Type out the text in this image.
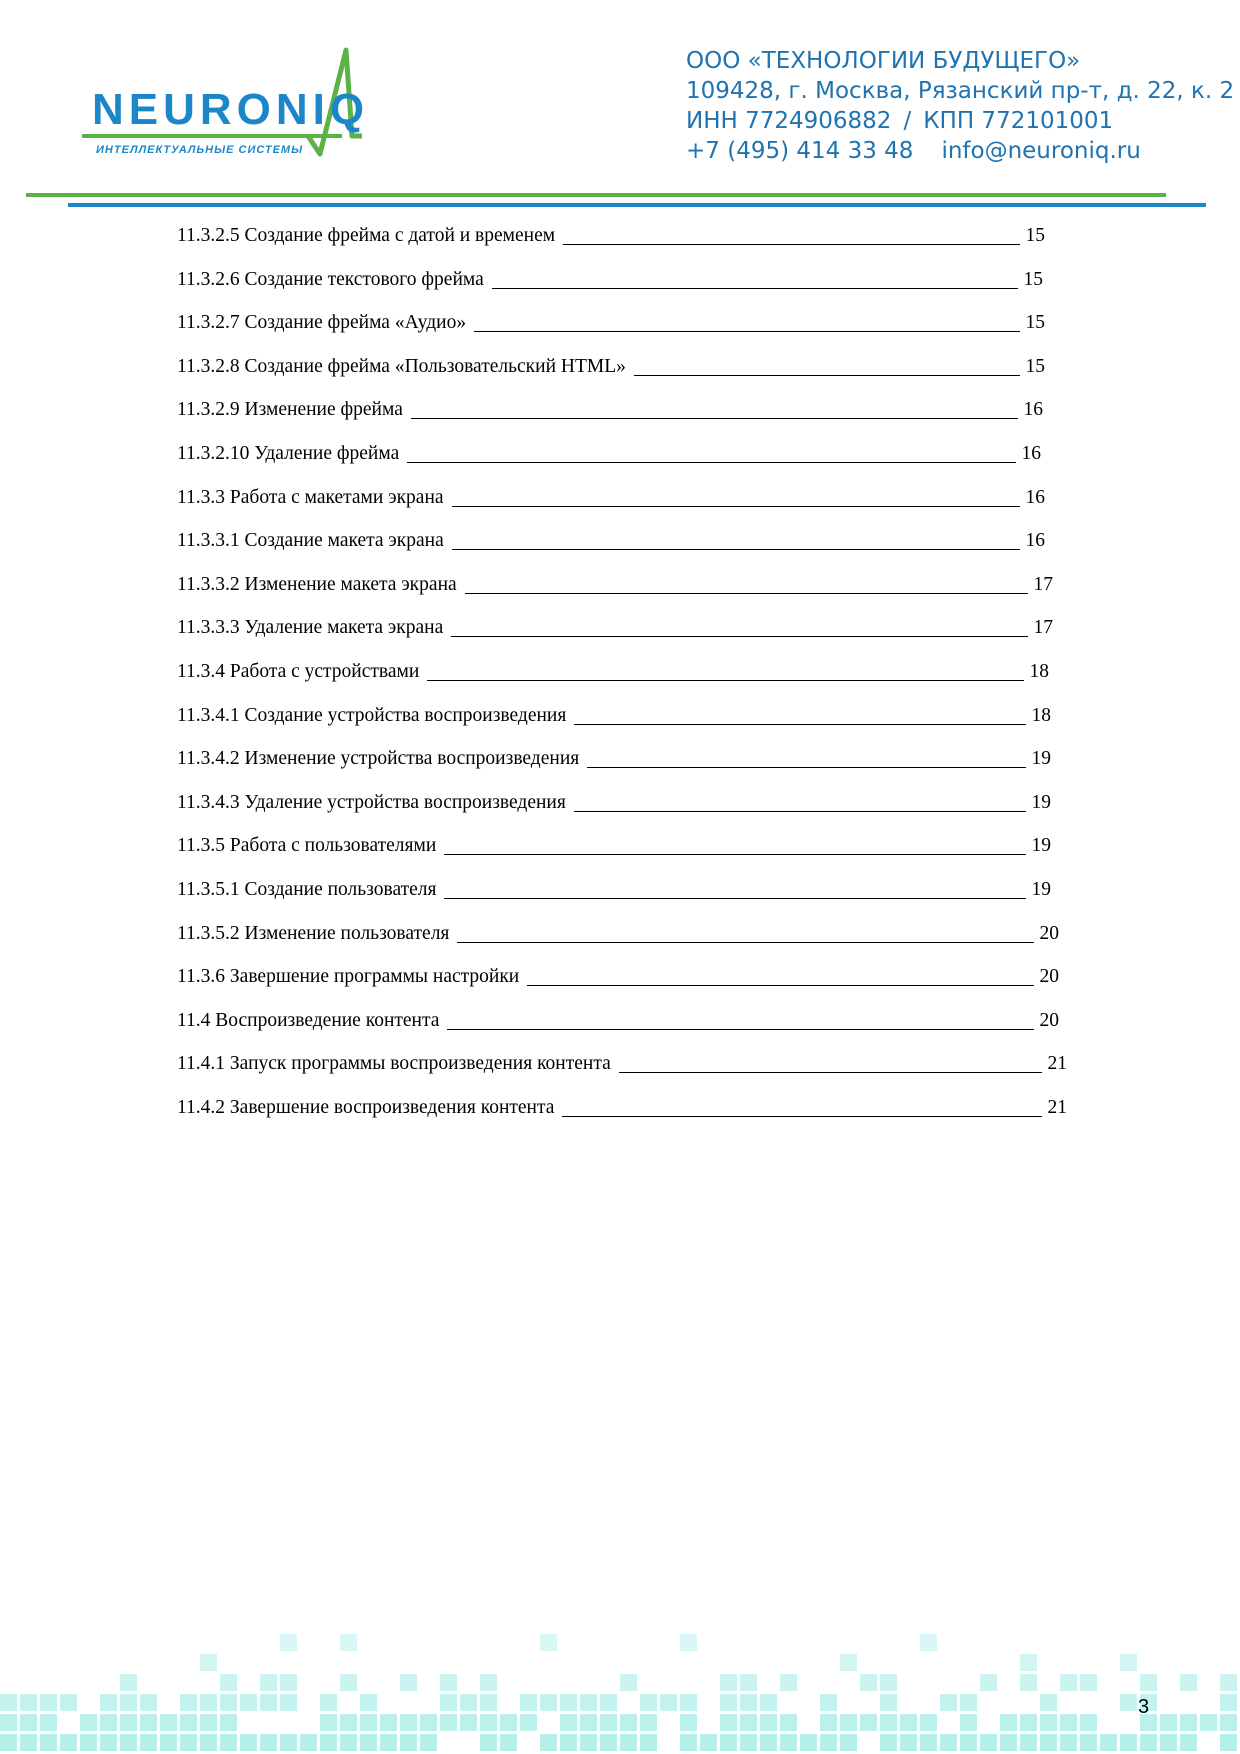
NEURONIQ
ИНТЕЛЛЕКТУАЛЬНЫЕ СИСТЕМЫ
ООО «ТЕХНОЛОГИИ БУДУЩЕГО»
109428, г. Москва, Рязанский пр-т, д. 22, к. 2
ИНН 7724906882 / КПП 772101001
+7 (495) 414 33 48 info@neuroniq.ru
11.3.2.5 Создание фрейма с датой и временем	15
11.3.2.6 Создание текстового фрейма	15
11.3.2.7 Создание фрейма «Аудио»	15
11.3.2.8 Создание фрейма «Пользовательский HTML»	15
11.3.2.9 Изменение фрейма	16
11.3.2.10 Удаление фрейма	16
11.3.3 Работа с макетами экрана	16
11.3.3.1 Создание макета экрана	16
11.3.3.2 Изменение макета экрана	17
11.3.3.3 Удаление макета экрана	17
11.3.4 Работа с устройствами	18
11.3.4.1 Создание устройства воспроизведения	18
11.3.4.2 Изменение устройства воспроизведения	19
11.3.4.3 Удаление устройства воспроизведения	19
11.3.5 Работа с пользователями	19
11.3.5.1 Создание пользователя	19
11.3.5.2 Изменение пользователя	20
11.3.6 Завершение программы настройки	20
11.4 Воспроизведение контента	20
11.4.1 Запуск программы воспроизведения контента	21
11.4.2 Завершение воспроизведения контента	21
3
